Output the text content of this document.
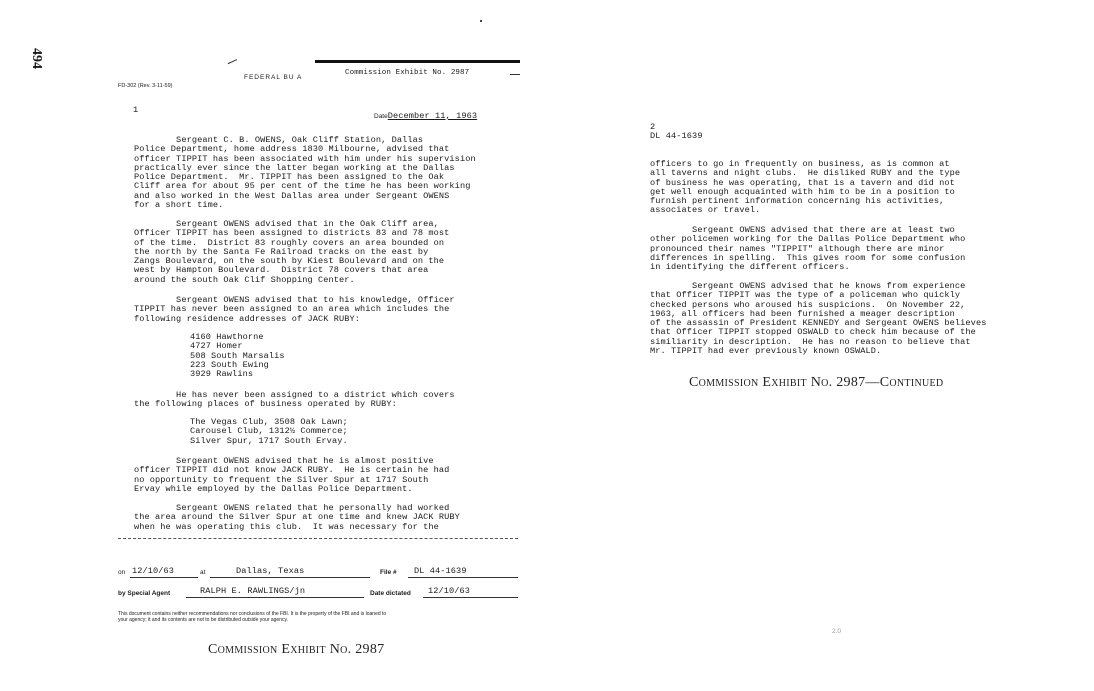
494
FD-302 (Rev. 3-11-59)
FEDERAL BU A
Commission Exhibit No. 2987
1
DateDecember 11, 1963
Sergeant C. B. OWENS, Oak Cliff Station, Dallas
Police Department, home address 1830 Milbourne, advised that
officer TIPPIT has been associated with him under his supervision
practically ever since the latter began working at the Dallas
Police Department.  Mr. TIPPIT has been assigned to the Oak
Cliff area for about 95 per cent of the time he has been working
and also worked in the West Dallas area under Sergeant OWENS
for a short time.
Sergeant OWENS advised that in the Oak Cliff area,
Officer TIPPIT has been assigned to districts 83 and 78 most
of the time.  District 83 roughly covers an area bounded on
the north by the Santa Fe Railroad tracks on the east by
Zangs Boulevard, on the south by Kiest Boulevard and on the
west by Hampton Boulevard.  District 78 covers that area
around the south Oak Clif Shopping Center.
Sergeant OWENS advised that to his knowledge, Officer
TIPPIT has never been assigned to an area which includes the
following residence addresses of JACK RUBY:
4160 Hawthorne
4727 Homer
508 South Marsalis
223 South Ewing
3929 Rawlins
He has never been assigned to a district which covers
the following places of business operated by RUBY:
The Vegas Club, 3508 Oak Lawn;
Carousel Club, 1312½ Commerce;
Silver Spur, 1717 South Ervay.
Sergeant OWENS advised that he is almost positive
officer TIPPIT did not know JACK RUBY.  He is certain he had
no opportunity to frequent the Silver Spur at 1717 South
Ervay while employed by the Dallas Police Department.
Sergeant OWENS related that he personally had worked
the area around the Silver Spur at one time and knew JACK RUBY
when he was operating this club.  It was necessary for the
on 12/10/63	at	Dallas, Texas	File # DL 44-1639
by Special Agent	RALPH E. RAWLINGS/jn	Date dictated 12/10/63
This document contains neither recommendations nor conclusions of the FBI. It is the property of the FBI and is loaned to
your agency; it and its contents are not to be distributed outside your agency.
Commission Exhibit No. 2987
2
DL 44-1639
officers to go in frequently on business, as is common at
all taverns and night clubs.  He disliked RUBY and the type
of business he was operating, that is a tavern and did not
get well enough acquainted with him to be in a position to
furnish pertinent information concerning his activities,
associates or travel.
Sergeant OWENS advised that there are at least two
other policemen working for the Dallas Police Department who
pronounced their names "TIPPIT" although there are minor
differences in spelling.  This gives room for some confusion
in identifying the different officers.
Sergeant OWENS advised that he knows from experience
that Officer TIPPIT was the type of a policeman who quickly
checked persons who aroused his suspicions.  On November 22,
1963, all officers had been furnished a meager description
of the assassin of President KENNEDY and Sergeant OWENS believes
that Officer TIPPIT stopped OSWALD to check him because of the
similiarity in description.  He has no reason to believe that
Mr. TIPPIT had ever previously known OSWALD.
Commission Exhibit No. 2987—Continued
2.0
